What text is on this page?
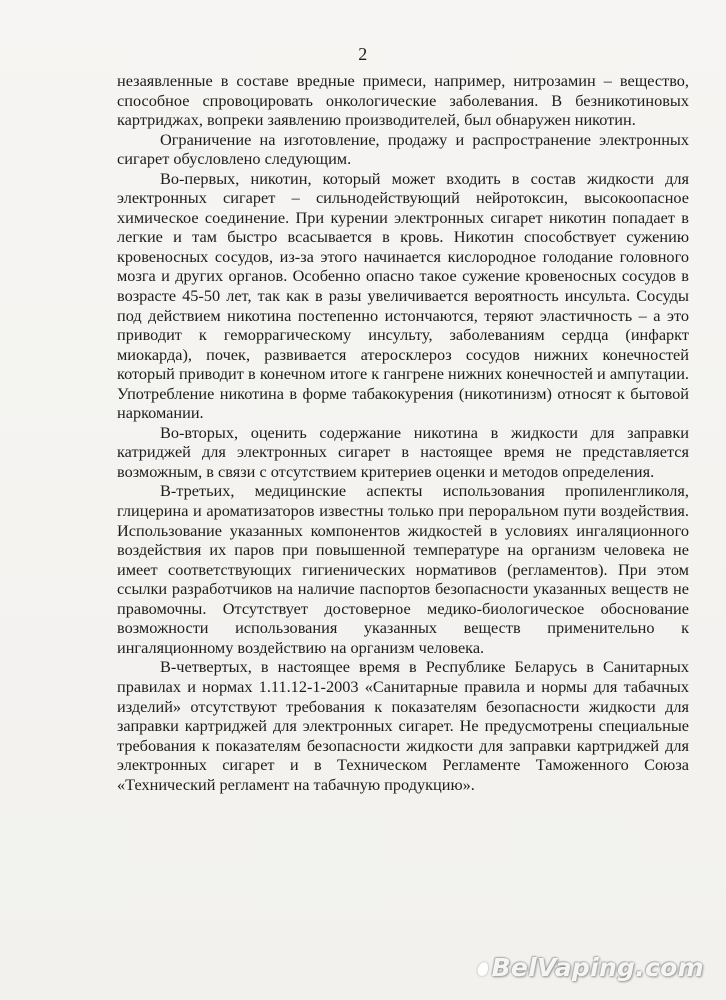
2

незаявленные в составе вредные примеси, например, нитрозамин – вещество, способное спровоцировать онкологические заболевания. В безникотиновых картриджах, вопреки заявлению производителей, был обнаружен никотин.

Ограничение на изготовление, продажу и распространение электронных сигарет обусловлено следующим.

Во-первых, никотин, который может входить в состав жидкости для электронных сигарет – сильнодействующий нейротоксин, высокоопасное химическое соединение. При курении электронных сигарет никотин попадает в легкие и там быстро всасывается в кровь. Никотин способствует сужению кровеносных сосудов, из-за этого начинается кислородное голодание головного мозга и других органов. Особенно опасно такое сужение кровеносных сосудов в возрасте 45-50 лет, так как в разы увеличивается вероятность инсульта. Сосуды под действием никотина постепенно истончаются, теряют эластичность – а это приводит к геморрагическому инсульту, заболеваниям сердца (инфаркт миокарда), почек, развивается атеросклероз сосудов нижних конечностей который приводит в конечном итоге к гангрене нижних конечностей и ампутации. Употребление никотина в форме табакокурения (никотинизм) относят к бытовой наркомании.

Во-вторых, оценить содержание никотина в жидкости для заправки катриджей для электронных сигарет в настоящее время не представляется возможным, в связи с отсутствием критериев оценки и методов определения.

В-третьих, медицинские аспекты использования пропиленгликоля, глицерина и ароматизаторов известны только при пероральном пути воздействия. Использование указанных компонентов жидкостей в условиях ингаляционного воздействия их паров при повышенной температуре на организм человека не имеет соответствующих гигиенических нормативов (регламентов). При этом ссылки разработчиков на наличие паспортов безопасности указанных веществ не правомочны. Отсутствует достоверное медико-биологическое обоснование возможности использования указанных веществ применительно к ингаляционному воздействию на организм человека.

В-четвертых, в настоящее время в Республике Беларусь в Санитарных правилах и нормах 1.11.12-1-2003 «Санитарные правила и нормы для табачных изделий» отсутствуют требования к показателям безопасности жидкости для заправки картриджей для электронных сигарет. Не предусмотрены специальные требования к показателям безопасности жидкости для заправки картриджей для электронных сигарет и в Техническом Регламенте Таможенного Союза «Технический регламент на табачную продукцию».

BelVaping.com
